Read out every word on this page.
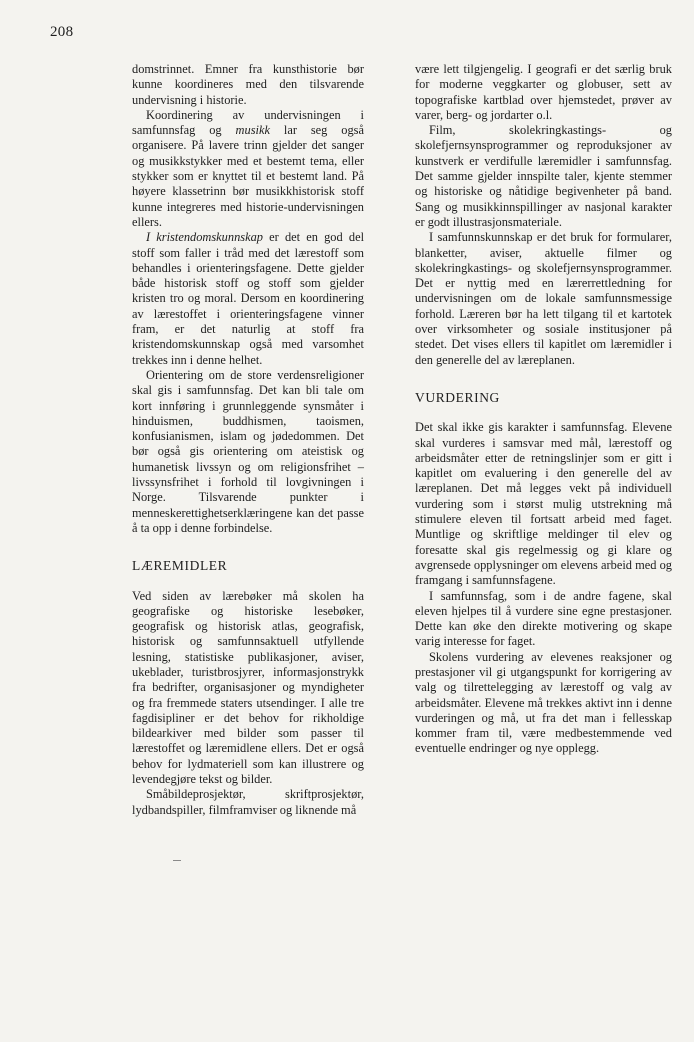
208

domstrinnet. Emner fra kunsthistorie bør kunne koordineres med den tilsvarende undervisning i historie.

Koordinering av undervisningen i samfunnsfag og musikk lar seg også organisere. På lavere trinn gjelder det sanger og musikkstykker med et bestemt tema, eller stykker som er knyttet til et bestemt land. På høyere klassetrinn bør musikkhistorisk stoff kunne integreres med historie-undervisningen ellers.

I kristendomskunnskap er det en god del stoff som faller i tråd med det lærestoff som behandles i orienteringsfagene. Dette gjelder både historisk stoff og stoff som gjelder kristen tro og moral. Dersom en koordinering av lærestoffet i orienteringsfagene vinner fram, er det naturlig at stoff fra kristendomskunnskap også med varsomhet trekkes inn i denne helhet.

Orientering om de store verdensreligioner skal gis i samfunnsfag. Det kan bli tale om kort innføring i grunnleggende synsmåter i hinduismen, buddhismen, taoismen, konfusianismen, islam og jødedommen. Det bør også gis orientering om ateistisk og humanetisk livssyn og om religionsfrihet – livssynsfrihet i forhold til lovgivningen i Norge. Tilsvarende punkter i menneskerettighetserklæringene kan det passe å ta opp i denne forbindelse.

LÆREMIDLER

Ved siden av lærebøker må skolen ha geografiske og historiske lesebøker, geografisk og historisk atlas, geografisk, historisk og samfunnsaktuell utfyllende lesning, statistiske publikasjoner, aviser, ukeblader, turistbrosjyrer, informasjonstrykk fra bedrifter, organisasjoner og myndigheter og fra fremmede staters utsendinger. I alle tre fagdisipliner er det behov for rikholdige bildearkiver med bilder som passer til lærestoffet og læremidlene ellers. Det er også behov for lydmateriell som kan illustrere og levendegjøre tekst og bilder.

Småbildeprosjektør, skriftprosjektør, lydbandspiller, filmframviser og liknende må

være lett tilgjengelig. I geografi er det særlig bruk for moderne veggkarter og globuser, sett av topografiske kartblad over hjemstedet, prøver av varer, berg- og jordarter o.l.

Film, skolekringkastings- og skolefjernsynsprogrammer og reproduksjoner av kunstverk er verdifulle læremidler i samfunnsfag. Det samme gjelder innspilte taler, kjente stemmer og historiske og nåtidige begivenheter på band. Sang og musikkinnspillinger av nasjonal karakter er godt illustrasjonsmateriale.

I samfunnskunnskap er det bruk for formularer, blanketter, aviser, aktuelle filmer og skolekringkastings- og skolefjernsynsprogrammer. Det er nyttig med en lærerrettledning for undervisningen om de lokale samfunnsmessige forhold. Læreren bør ha lett tilgang til et kartotek over virksomheter og sosiale institusjoner på stedet. Det vises ellers til kapitlet om læremidler i den generelle del av læreplanen.

VURDERING

Det skal ikke gis karakter i samfunnsfag. Elevene skal vurderes i samsvar med mål, lærestoff og arbeidsmåter etter de retningslinjer som er gitt i kapitlet om evaluering i den generelle del av læreplanen. Det må legges vekt på individuell vurdering som i størst mulig utstrekning må stimulere eleven til fortsatt arbeid med faget. Muntlige og skriftlige meldinger til elev og foresatte skal gis regelmessig og gi klare og avgrensede opplysninger om elevens arbeid med og framgang i samfunnsfagene.

I samfunnsfag, som i de andre fagene, skal eleven hjelpes til å vurdere sine egne prestasjoner. Dette kan øke den direkte motivering og skape varig interesse for faget.

Skolens vurdering av elevenes reaksjoner og prestasjoner vil gi utgangspunkt for korrigering av valg og tilrettelegging av lærestoff og valg av arbeidsmåter. Elevene må trekkes aktivt inn i denne vurderingen og må, ut fra det man i fellesskap kommer fram til, være medbestemmende ved eventuelle endringer og nye opplegg.
